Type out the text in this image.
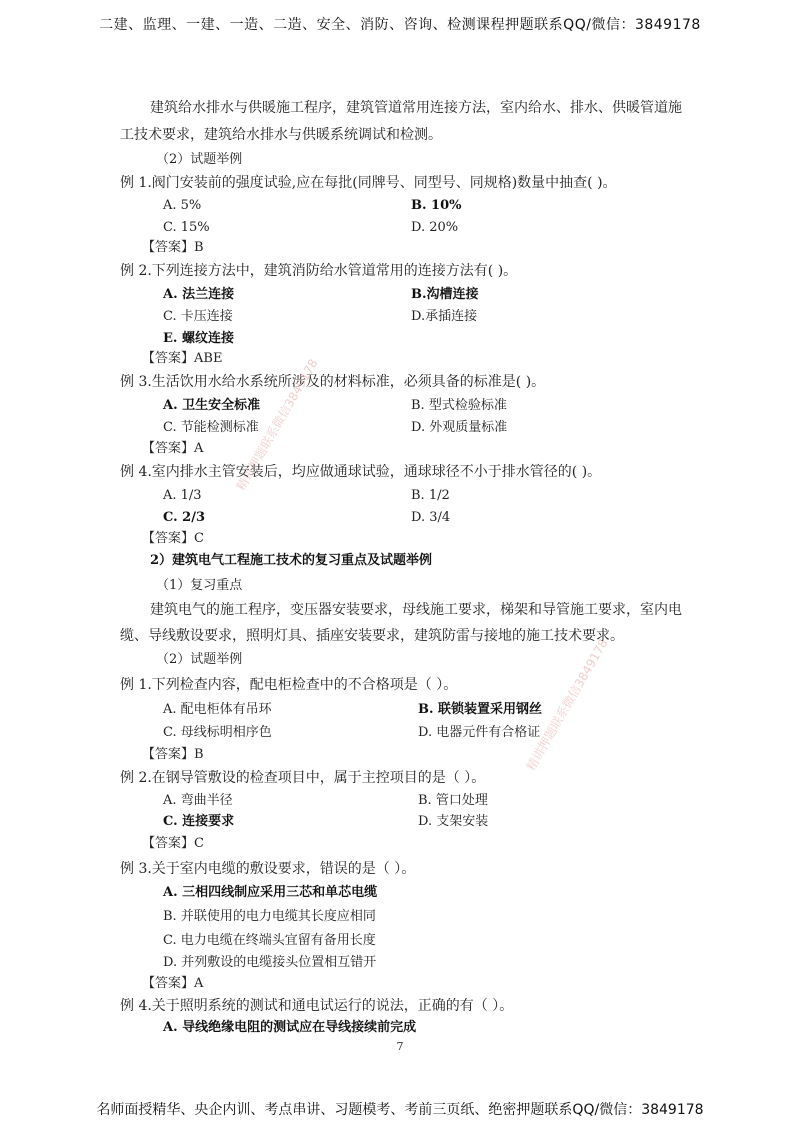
二建、监理、一建、一造、二造、安全、消防、咨询、检测课程押题联系QQ/微信：3849178
建筑给水排水与供暖施工程序，建筑管道常用连接方法，室内给水、排水、供暖管道施
工技术要求，建筑给水排水与供暖系统调试和检测。
（2）试题举例
例 1.阀门安装前的强度试验,应在每批(同牌号、同型号、同规格)数量中抽查( )。
A. 5%	B. 10%
C. 15%	D. 20%
【答案】B
例 2.下列连接方法中，建筑消防给水管道常用的连接方法有( )。
A. 法兰连接	B.沟槽连接
C. 卡压连接	D.承插连接
E. 螺纹连接
【答案】ABE
例 3.生活饮用水给水系统所涉及的材料标准，必须具备的标准是( )。
A. 卫生安全标准	B. 型式检验标准
C. 节能检测标准	D. 外观质量标准
【答案】A
例 4.室内排水主管安装后，均应做通球试验，通球球径不小于排水管径的( )。
A. 1/3	B. 1/2
C. 2/3	D. 3/4
【答案】C
2）建筑电气工程施工技术的复习重点及试题举例
（1）复习重点
建筑电气的施工程序，变压器安装要求，母线施工要求，梯架和导管施工要求，室内电
缆、导线敷设要求，照明灯具、插座安装要求，建筑防雷与接地的施工技术要求。
（2）试题举例
例 1.下列检查内容，配电柜检查中的不合格项是（ ）。
A. 配电柜体有吊环	B. 联锁装置采用钢丝
C. 母线标明相序色	D. 电器元件有合格证
【答案】B
例 2.在钢导管敷设的检查项目中，属于主控项目的是（ ）。
A. 弯曲半径	B. 管口处理
C. 连接要求	D. 支架安装
【答案】C
例 3.关于室内电缆的敷设要求，错误的是（ ）。
A. 三相四线制应采用三芯和单芯电缆
B. 并联使用的电力电缆其长度应相同
C. 电力电缆在终端头宜留有备用长度
D. 并列敷设的电缆接头位置相互错开
【答案】A
例 4.关于照明系统的测试和通电试运行的说法，正确的有（ ）。
A. 导线绝缘电阻的测试应在导线接续前完成
精讲押题联系微信3849178
精讲押题联系微信3849178
7
名师面授精华、央企内训、考点串讲、习题模考、考前三页纸、绝密押题联系QQ/微信：3849178
